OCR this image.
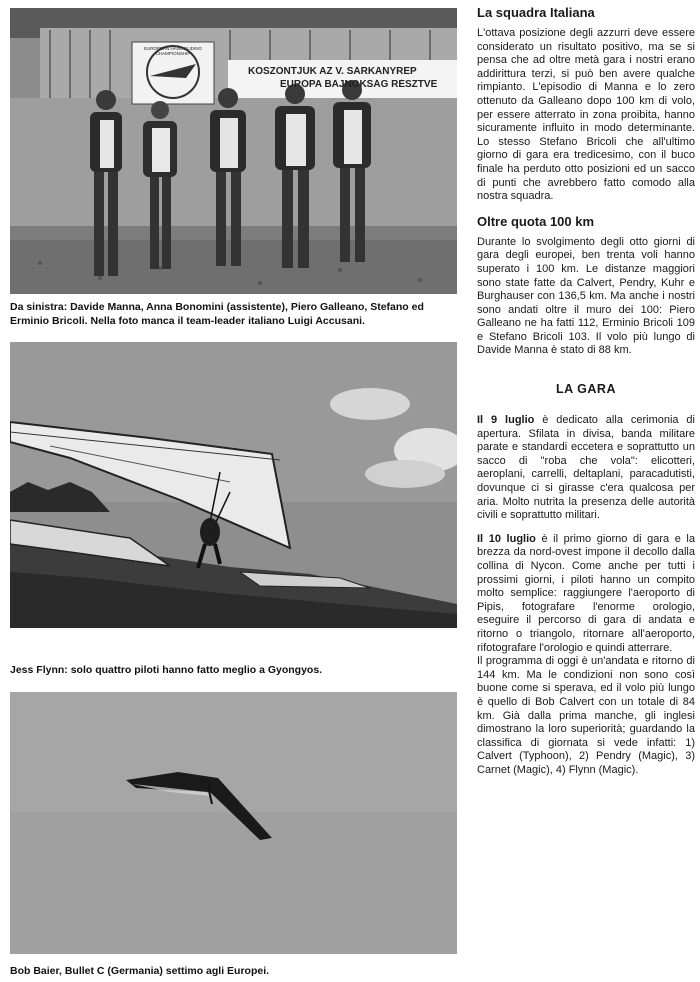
EUROPEAN HANGGLIDING CHAMPIONSHIP
KÖSZÖNTJÜK AZ V. SÁRKÁNYREP
EURÓPA BAJNOKSÁG RÉSZTVE
Da sinistra: Davide Manna, Anna Bonomini (assistente), Piero Galleano, Stefano ed Erminio Bricoli. Nella foto manca il team-leader italiano Luigi Accusani.
Jess Flynn: solo quattro piloti hanno fatto meglio a Gyongyos.
Bob Baier, Bullet C (Germania) settimo agli Europei.
La squadra Italiana

L'ottava posizione degli azzurri deve essere considerato un risultato positivo, ma se si pensa che ad oltre metà gara i nostri erano addirittura terzi, si può ben avere qualche rimpianto. L'episodio di Manna e lo zero ottenuto da Galleano dopo 100 km di volo, per essere atterrato in zona proibita, hanno sicuramente influito in modo determinante. Lo stesso Stefano Bricoli che all'ultimo giorno di gara era tredicesimo, con il buco finale ha perduto otto posizioni ed un sacco di punti che avrebbero fatto comodo alla nostra squadra.

Oltre quota 100 km

Durante lo svolgimento degli otto giorni di gara degli europei, ben trenta voli hanno superato i 100 km. Le distanze maggiori sono state fatte da Calvert, Pendry, Kuhr e Burghauser con 136,5 km. Ma anche i nostri sono andati oltre il muro dei 100: Piero Galleano ne ha fatti 112, Erminio Bricoli 109 e Stefano Bricoli 103. Il volo più lungo di Davide Manna è stato di 88 km.

LA GARA

Il 9 luglio è dedicato alla cerimonia di apertura. Sfilata in divisa, banda militare parate e standardi eccetera e soprattutto un sacco di "roba che vola": elicotteri, aeroplani, carrelli, deltaplani, paracadutisti, dovunque ci si girasse c'era qualcosa per aria. Molto nutrita la presenza delle autorità civili e soprattutto militari.

Il 10 luglio è il primo giorno di gara e la brezza da nord-ovest impone il decollo dalla collina di Nycon. Come anche per tutti i prossimi giorni, i piloti hanno un compito molto semplice: raggiungere l'aeroporto di Pipis, fotografare l'enorme orologio, eseguire il percorso di gara di andata e ritorno o triangolo, ritornare all'aeroporto, rifotografare l'orologio e quindi atterrare.

Il programma di oggi è un'andata e ritorno di 144 km. Ma le condizioni non sono così buone come si sperava, ed il volo più lungo è quello di Bob Calvert con un totale di 84 km. Già dalla prima manche, gli inglesi dimostrano la loro superiorità; guardando la classifica di giornata si vede infatti: 1) Calvert (Typhoon), 2) Pendry (Magic), 3) Carnet (Magic), 4) Flynn (Magic).
